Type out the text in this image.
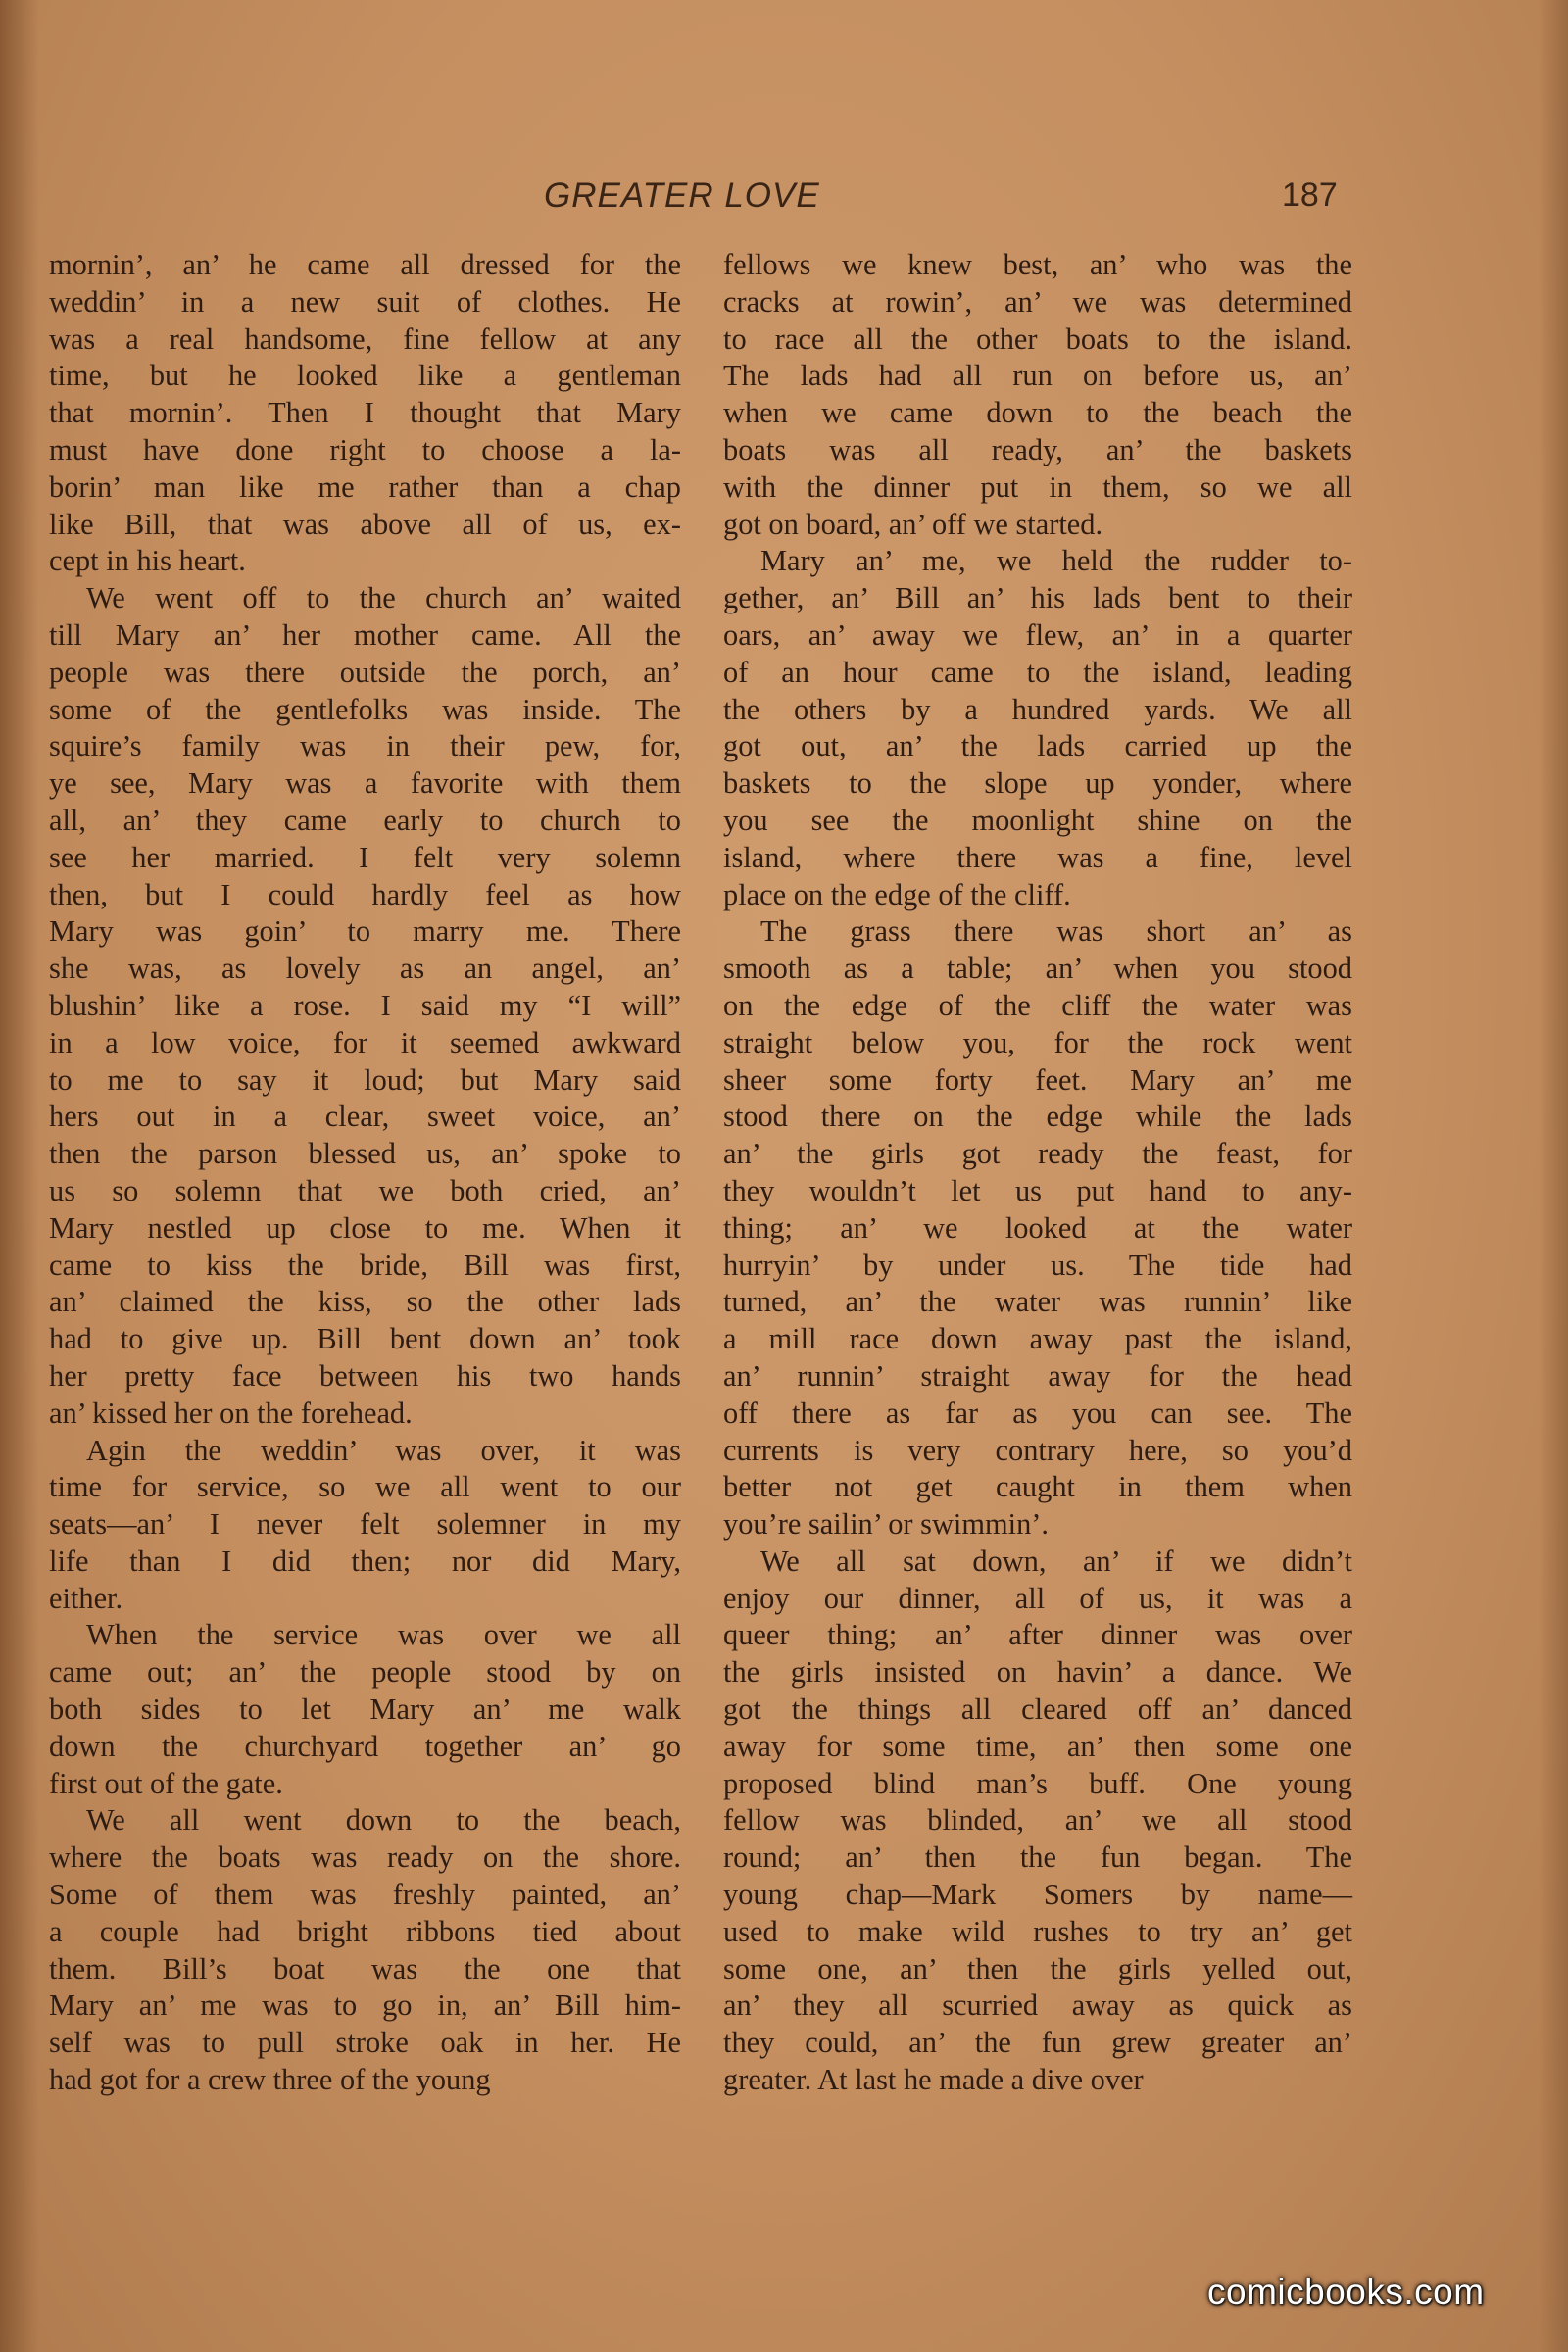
GREATER LOVE	187
mornin’, an’ he came all dressed for the
weddin’ in a new suit of clothes. He
was a real handsome, fine fellow at any
time, but he looked like a gentleman
that mornin’. Then I thought that Mary
must have done right to choose a la-
borin’ man like me rather than a chap
like Bill, that was above all of us, ex-
cept in his heart.
We went off to the church an’ waited
till Mary an’ her mother came. All the
people was there outside the porch, an’
some of the gentlefolks was inside. The
squire’s family was in their pew, for,
ye see, Mary was a favorite with them
all, an’ they came early to church to
see her married. I felt very solemn
then, but I could hardly feel as how
Mary was goin’ to marry me. There
she was, as lovely as an angel, an’
blushin’ like a rose. I said my “I will”
in a low voice, for it seemed awkward
to me to say it loud; but Mary said
hers out in a clear, sweet voice, an’
then the parson blessed us, an’ spoke to
us so solemn that we both cried, an’
Mary nestled up close to me. When it
came to kiss the bride, Bill was first,
an’ claimed the kiss, so the other lads
had to give up. Bill bent down an’ took
her pretty face between his two hands
an’ kissed her on the forehead.
Agin the weddin’ was over, it was
time for service, so we all went to our
seats—an’ I never felt solemner in my
life than I did then; nor did Mary,
either.
When the service was over we all
came out; an’ the people stood by on
both sides to let Mary an’ me walk
down the churchyard together an’ go
first out of the gate.
We all went down to the beach,
where the boats was ready on the shore.
Some of them was freshly painted, an’
a couple had bright ribbons tied about
them. Bill’s boat was the one that
Mary an’ me was to go in, an’ Bill him-
self was to pull stroke oak in her. He
had got for a crew three of the young
fellows we knew best, an’ who was the
cracks at rowin’, an’ we was determined
to race all the other boats to the island.
The lads had all run on before us, an’
when we came down to the beach the
boats was all ready, an’ the baskets
with the dinner put in them, so we all
got on board, an’ off we started.
Mary an’ me, we held the rudder to-
gether, an’ Bill an’ his lads bent to their
oars, an’ away we flew, an’ in a quarter
of an hour came to the island, leading
the others by a hundred yards. We all
got out, an’ the lads carried up the
baskets to the slope up yonder, where
you see the moonlight shine on the
island, where there was a fine, level
place on the edge of the cliff.
The grass there was short an’ as
smooth as a table; an’ when you stood
on the edge of the cliff the water was
straight below you, for the rock went
sheer some forty feet. Mary an’ me
stood there on the edge while the lads
an’ the girls got ready the feast, for
they wouldn’t let us put hand to any-
thing; an’ we looked at the water
hurryin’ by under us. The tide had
turned, an’ the water was runnin’ like
a mill race down away past the island,
an’ runnin’ straight away for the head
off there as far as you can see. The
currents is very contrary here, so you’d
better not get caught in them when
you’re sailin’ or swimmin’.
We all sat down, an’ if we didn’t
enjoy our dinner, all of us, it was a
queer thing; an’ after dinner was over
the girls insisted on havin’ a dance. We
got the things all cleared off an’ danced
away for some time, an’ then some one
proposed blind man’s buff. One young
fellow was blinded, an’ we all stood
round; an’ then the fun began. The
young chap—Mark Somers by name—
used to make wild rushes to try an’ get
some one, an’ then the girls yelled out,
an’ they all scurried away as quick as
they could, an’ the fun grew greater an’
greater. At last he made a dive over
comicbooks.com
